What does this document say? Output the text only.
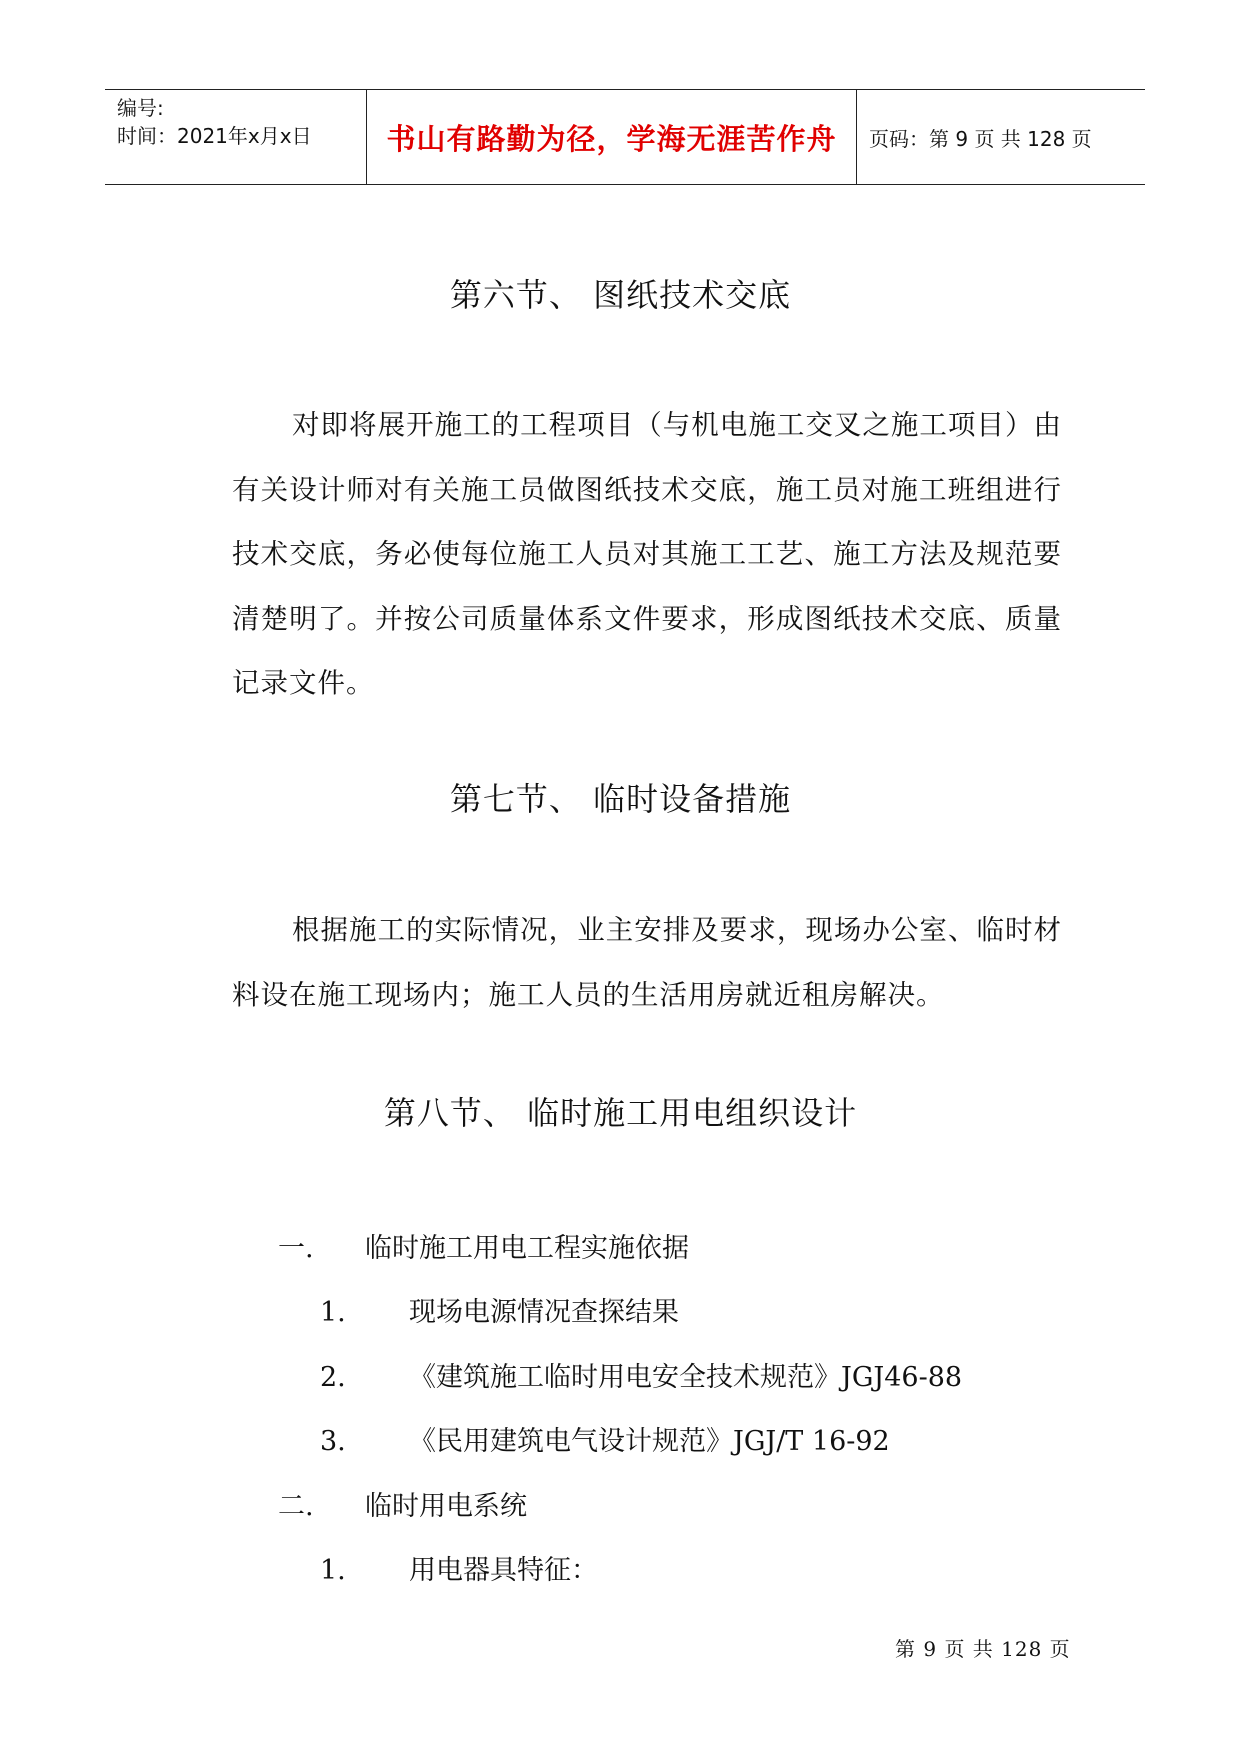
编号:
时间：2021年x月x日	书山有路勤为径，学海无涯苦作舟	页码：第 9 页 共 128 页
第六节、 图纸技术交底
对即将展开施工的工程项目（与机电施工交叉之施工项目）由有关设计师对有关施工员做图纸技术交底，施工员对施工班组进行技术交底，务必使每位施工人员对其施工工艺、施工方法及规范要清楚明了。并按公司质量体系文件要求，形成图纸技术交底、质量记录文件。
第七节、 临时设备措施
根据施工的实际情况，业主安排及要求，现场办公室、临时材料设在施工现场内；施工人员的生活用房就近租房解决。
第八节、 临时施工用电组织设计
一. 临时施工用电工程实施依据
1. 现场电源情况查探结果
2. 《建筑施工临时用电安全技术规范》JGJ46-88
3. 《民用建筑电气设计规范》JGJ/T 16-92
二. 临时用电系统
1. 用电器具特征：
第 9 页 共 128 页
